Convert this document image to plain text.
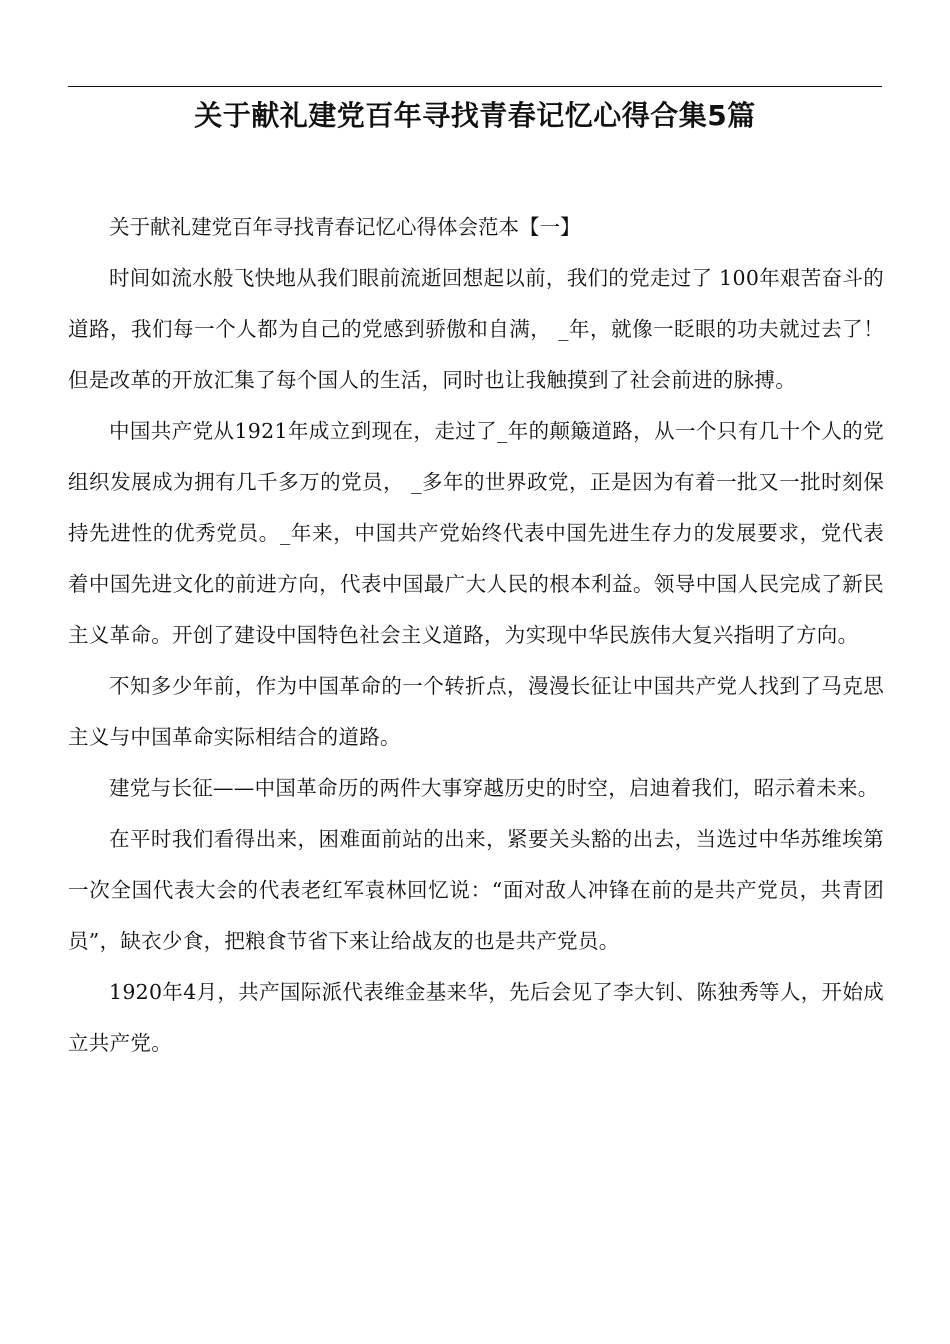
关于献礼建党百年寻找青春记忆心得合集5篇

关于献礼建党百年寻找青春记忆心得体会范本【一】

时间如流水般飞快地从我们眼前流逝回想起以前，我们的党走过了 100年艰苦奋斗的道路，我们每一个人都为自己的党感到骄傲和自满， _年，就像一眨眼的功夫就过去了！但是改革的开放汇集了每个国人的生活，同时也让我触摸到了社会前进的脉搏。

中国共产党从1921年成立到现在，走过了_年的颠簸道路，从一个只有几十个人的党组织发展成为拥有几千多万的党员， _多年的世界政党，正是因为有着一批又一批时刻保持先进性的优秀党员。_年来，中国共产党始终代表中国先进生存力的发展要求，党代表着中国先进文化的前进方向，代表中国最广大人民的根本利益。领导中国人民完成了新民主义革命。开创了建设中国特色社会主义道路，为实现中华民族伟大复兴指明了方向。

不知多少年前，作为中国革命的一个转折点，漫漫长征让中国共产党人找到了马克思主义与中国革命实际相结合的道路。

建党与长征——中国革命历的两件大事穿越历史的时空，启迪着我们，昭示着未来。

在平时我们看得出来，困难面前站的出来，紧要关头豁的出去，当选过中华苏维埃第一次全国代表大会的代表老红军袁林回忆说：“面对敌人冲锋在前的是共产党员，共青团员”，缺衣少食，把粮食节省下来让给战友的也是共产党员。

1920年4月，共产国际派代表维金基来华，先后会见了李大钊、陈独秀等人，开始成立共产党。
